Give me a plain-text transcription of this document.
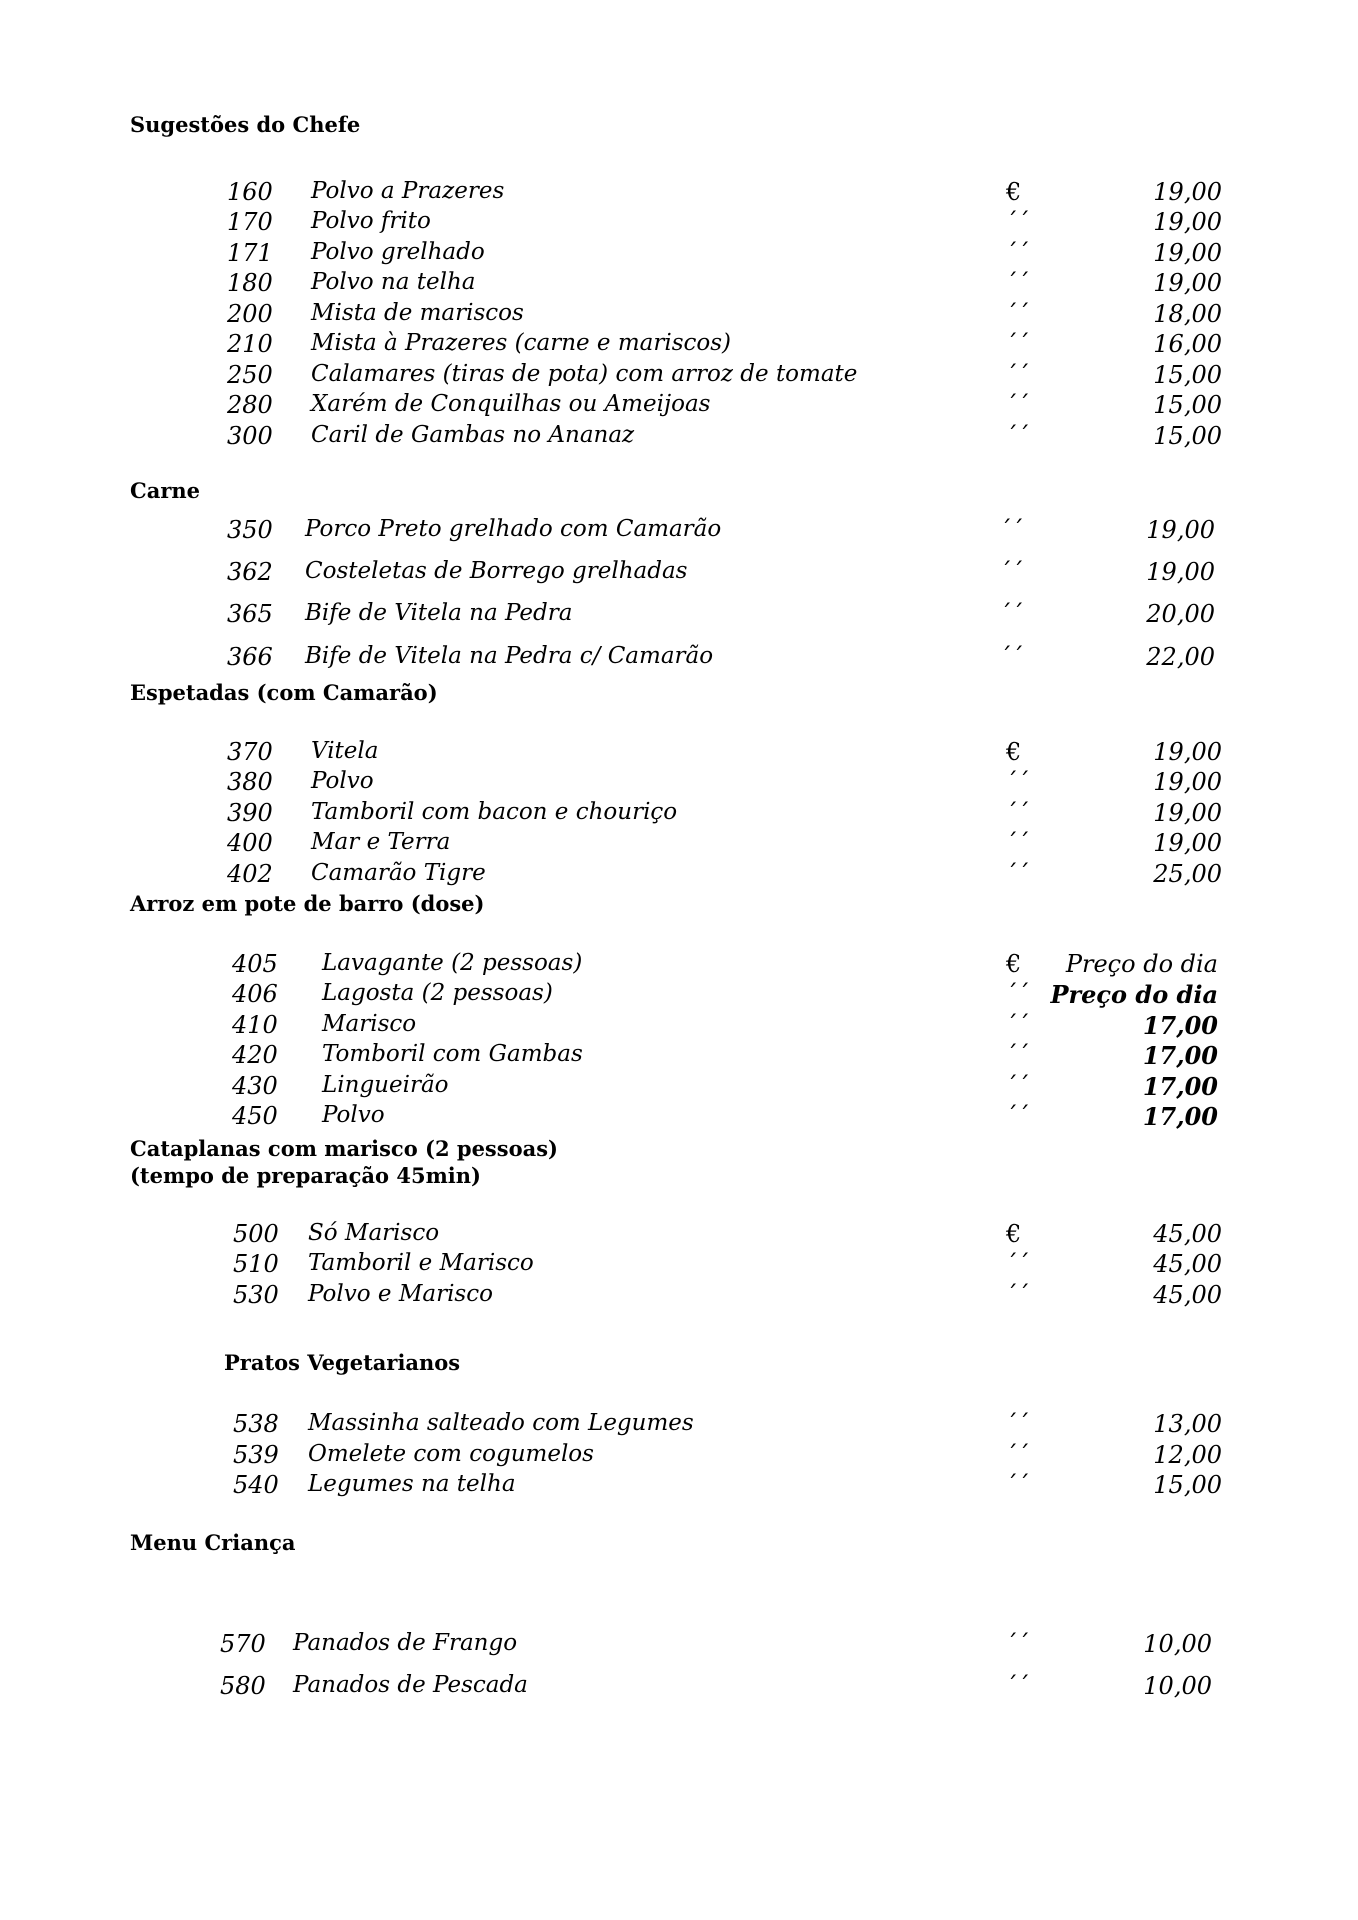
Sugestões do Chefe
160 Polvo a Prazeres	€	19,00
170 Polvo frito	´´	19,00
171 Polvo grelhado	´´	19,00
180 Polvo na telha	´´	19,00
200 Mista de mariscos	´´	18,00
210 Mista à Prazeres (carne e mariscos)	´´	16,00
250 Calamares (tiras de pota) com arroz de tomate	´´	15,00
280 Xarém de Conquilhas ou Ameijoas	´´	15,00
300 Caril de Gambas no Ananaz	´´	15,00
Carne
350 Porco Preto grelhado com Camarão	´´	19,00
362 Costeletas de Borrego grelhadas	´´	19,00
365 Bife de Vitela na Pedra	´´	20,00
366 Bife de Vitela na Pedra c/ Camarão	´´	22,00
Espetadas (com Camarão)
370 Vitela	€	19,00
380 Polvo	´´	19,00
390 Tamboril com bacon e chouriço	´´	19,00
400 Mar e Terra	´´	19,00
402 Camarão Tigre	´´	25,00
Arroz em pote de barro (dose)
405 Lavagante (2 pessoas)	€	Preço do dia
406 Lagosta (2 pessoas)	´´ Preço do dia
410 Marisco	´´	17,00
420 Tomboril com Gambas	´´	17,00
430 Lingueirão	´´	17,00
450 Polvo	´´	17,00
Cataplanas com marisco (2 pessoas)
(tempo de preparação 45min)
500 Só Marisco	€	45,00
510 Tamboril e Marisco	´´	45,00
530 Polvo e Marisco	´´	45,00
Pratos Vegetarianos
538 Massinha salteado com Legumes	´´	13,00
539 Omelete com cogumelos	´´	12,00
540 Legumes na telha	´´	15,00
Menu Criança
570 Panados de Frango	´´	10,00
580 Panados de Pescada	´´	10,00
